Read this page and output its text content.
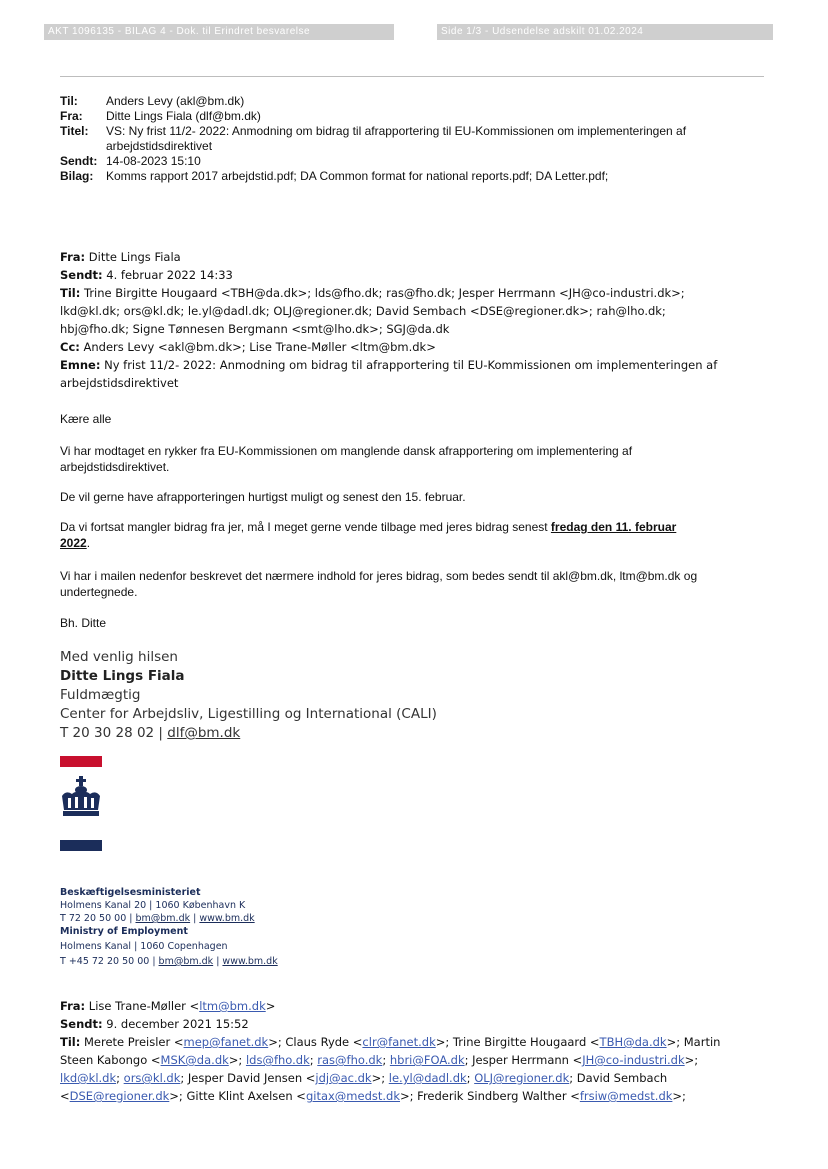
AKT 1096135 - BILAG 4 - Dok. til Erindret besvarelse	Side 1/3 - Udsendelse adskilt 01.02.2024
Til: Anders Levy (akl@bm.dk)
Fra: Ditte Lings Fiala (dlf@bm.dk)
Titel: VS: Ny frist 11/2- 2022: Anmodning om bidrag til afrapportering til EU-Kommissionen om implementeringen af
arbejdstidsdirektivet
Sendt: 14-08-2023 15:10
Bilag: Komms rapport 2017 arbejdstid.pdf; DA Common format for national reports.pdf; DA Letter.pdf;
Fra: Ditte Lings Fiala
Sendt: 4. februar 2022 14:33
Til: Trine Birgitte Hougaard <TBH@da.dk>; lds@fho.dk; ras@fho.dk; Jesper Herrmann <JH@co-industri.dk>;
lkd@kl.dk; ors@kl.dk; le.yl@dadl.dk; OLJ@regioner.dk; David Sembach <DSE@regioner.dk>; rah@lho.dk;
hbj@fho.dk; Signe Tønnesen Bergmann <smt@lho.dk>; SGJ@da.dk
Cc: Anders Levy <akl@bm.dk>; Lise Trane-Møller <ltm@bm.dk>
Emne: Ny frist 11/2- 2022: Anmodning om bidrag til afrapportering til EU-Kommissionen om implementeringen af
arbejdstidsdirektivet
Kære alle
Vi har modtaget en rykker fra EU-Kommissionen om manglende dansk afrapportering om implementering af
arbejdstidsdirektivet.
De vil gerne have afrapporteringen hurtigst muligt og senest den 15. februar.
Da vi fortsat mangler bidrag fra jer, må I meget gerne vende tilbage med jeres bidrag senest fredag den 11. februar
2022.
Vi har i mailen nedenfor beskrevet det nærmere indhold for jeres bidrag, som bedes sendt til akl@bm.dk, ltm@bm.dk og
undertegnede.
Bh. Ditte
Med venlig hilsen
Ditte Lings Fiala
Fuldmægtig
Center for Arbejdsliv, Ligestilling og International (CALI)
T 20 30 28 02 | dlf@bm.dk
Beskæftigelsesministeriet
Holmens Kanal 20 | 1060 København K
T 72 20 50 00 | bm@bm.dk | www.bm.dk
Ministry of Employment
Holmens Kanal | 1060 Copenhagen
T +45 72 20 50 00 | bm@bm.dk | www.bm.dk
Fra: Lise Trane-Møller <ltm@bm.dk>
Sendt: 9. december 2021 15:52
Til: Merete Preisler <mep@fanet.dk>; Claus Ryde <clr@fanet.dk>; Trine Birgitte Hougaard <TBH@da.dk>; Martin
Steen Kabongo <MSK@da.dk>; lds@fho.dk; ras@fho.dk; hbri@FOA.dk; Jesper Herrmann <JH@co-industri.dk>;
lkd@kl.dk; ors@kl.dk; Jesper David Jensen <jdj@ac.dk>; le.yl@dadl.dk; OLJ@regioner.dk; David Sembach
<DSE@regioner.dk>; Gitte Klint Axelsen <gitax@medst.dk>; Frederik Sindberg Walther <frsiw@medst.dk>;
